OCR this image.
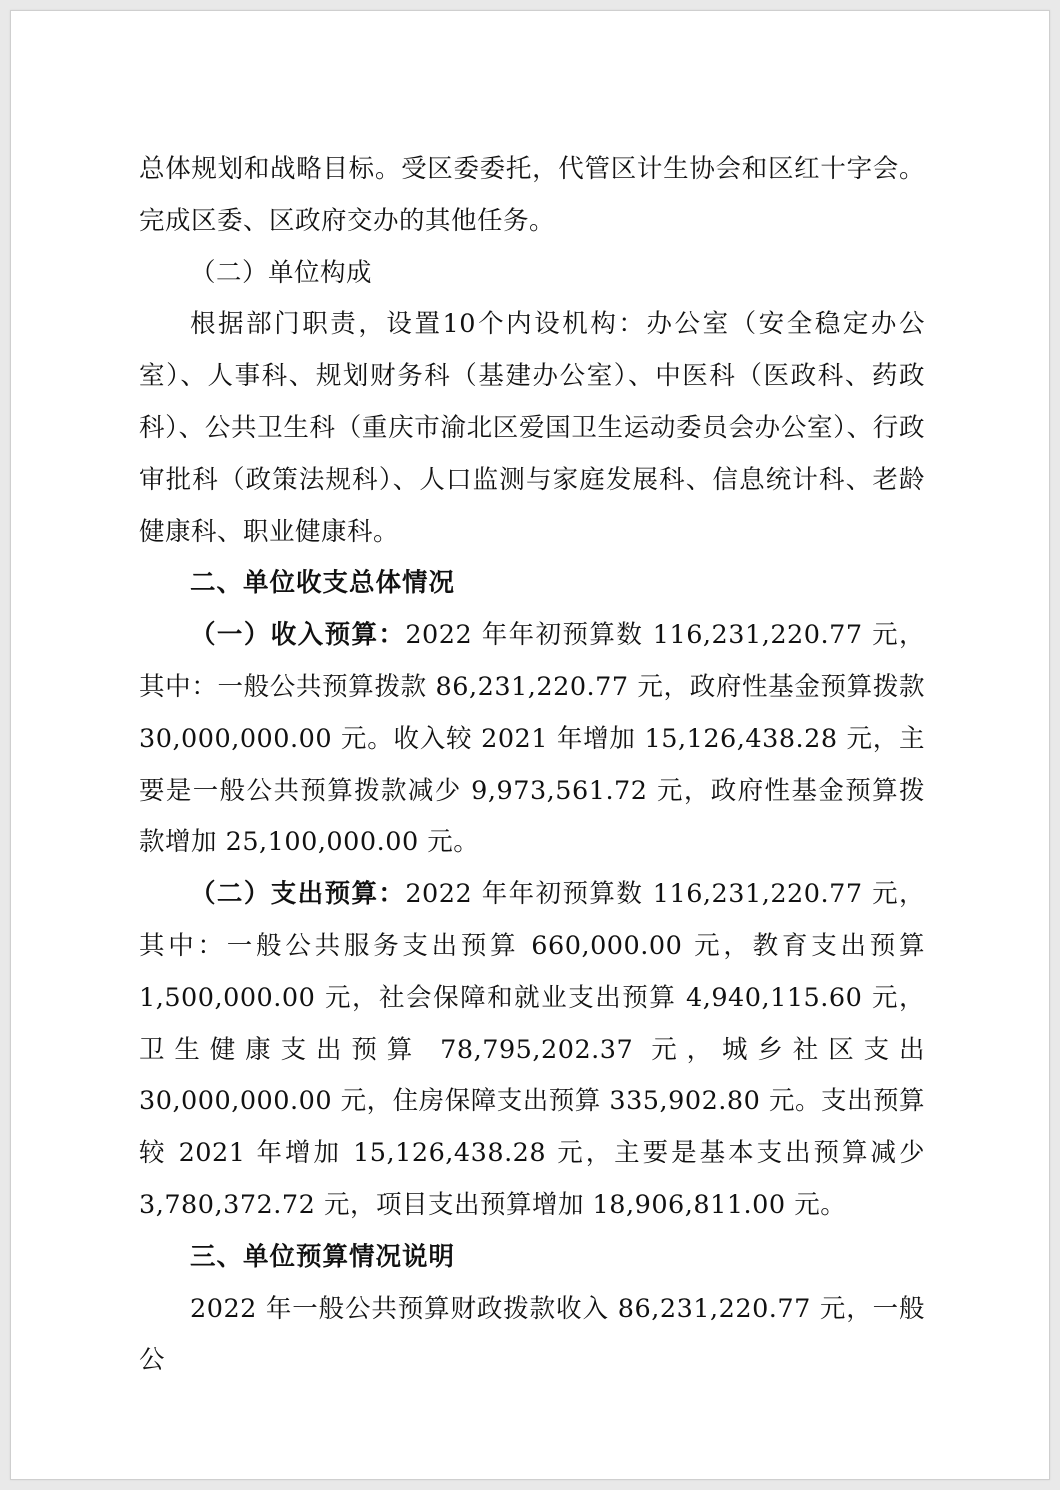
总体规划和战略目标。受区委委托，代管区计生协会和区红十字会。完成区委、区政府交办的其他任务。

（二）单位构成

根据部门职责，设置10个内设机构：办公室（安全稳定办公室）、人事科、规划财务科（基建办公室）、中医科（医政科、药政科）、公共卫生科（重庆市渝北区爱国卫生运动委员会办公室）、行政审批科（政策法规科）、人口监测与家庭发展科、信息统计科、老龄健康科、职业健康科。

二、单位收支总体情况

（一）收入预算：2022 年年初预算数 116,231,220.77 元，其中：一般公共预算拨款 86,231,220.77 元，政府性基金预算拨款 30,000,000.00 元。收入较 2021 年增加 15,126,438.28 元，主要是一般公共预算拨款减少 9,973,561.72 元，政府性基金预算拨款增加 25,100,000.00 元。

（二）支出预算：2022 年年初预算数 116,231,220.77 元，其中：一般公共服务支出预算 660,000.00 元，教育支出预算 1,500,000.00 元，社会保障和就业支出预算 4,940,115.60 元，卫生健康支出预算 78,795,202.37 元，城乡社区支出 30,000,000.00 元，住房保障支出预算 335,902.80 元。支出预算较 2021 年增加 15,126,438.28 元，主要是基本支出预算减少 3,780,372.72 元，项目支出预算增加 18,906,811.00 元。

三、单位预算情况说明

2022 年一般公共预算财政拨款收入 86,231,220.77 元，一般公
